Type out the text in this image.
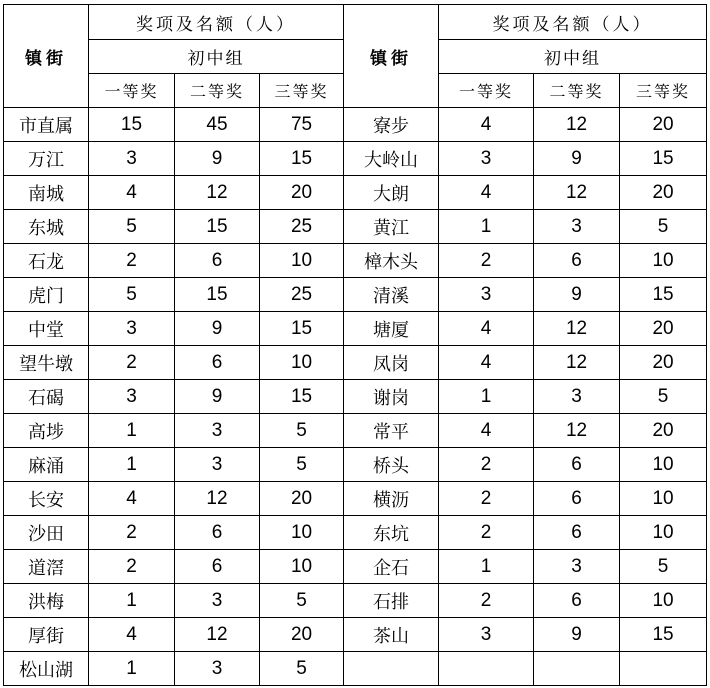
镇街	奖项及名额（人）			镇街	奖项及名额（人）		
	初中组				初中组		
	一等奖	二等奖	三等奖		一等奖	二等奖	三等奖
市直属	15	45	75	寮步	4	12	20
万江	3	9	15	大岭山	3	9	15
南城	4	12	20	大朗	4	12	20
东城	5	15	25	黄江	1	3	5
石龙	2	6	10	樟木头	2	6	10
虎门	5	15	25	清溪	3	9	15
中堂	3	9	15	塘厦	4	12	20
望牛墩	2	6	10	凤岗	4	12	20
石碣	3	9	15	谢岗	1	3	5
高埗	1	3	5	常平	4	12	20
麻涌	1	3	5	桥头	2	6	10
长安	4	12	20	横沥	2	6	10
沙田	2	6	10	东坑	2	6	10
道滘	2	6	10	企石	1	3	5
洪梅	1	3	5	石排	2	6	10
厚街	4	12	20	茶山	3	9	15
松山湖	1	3	5				
